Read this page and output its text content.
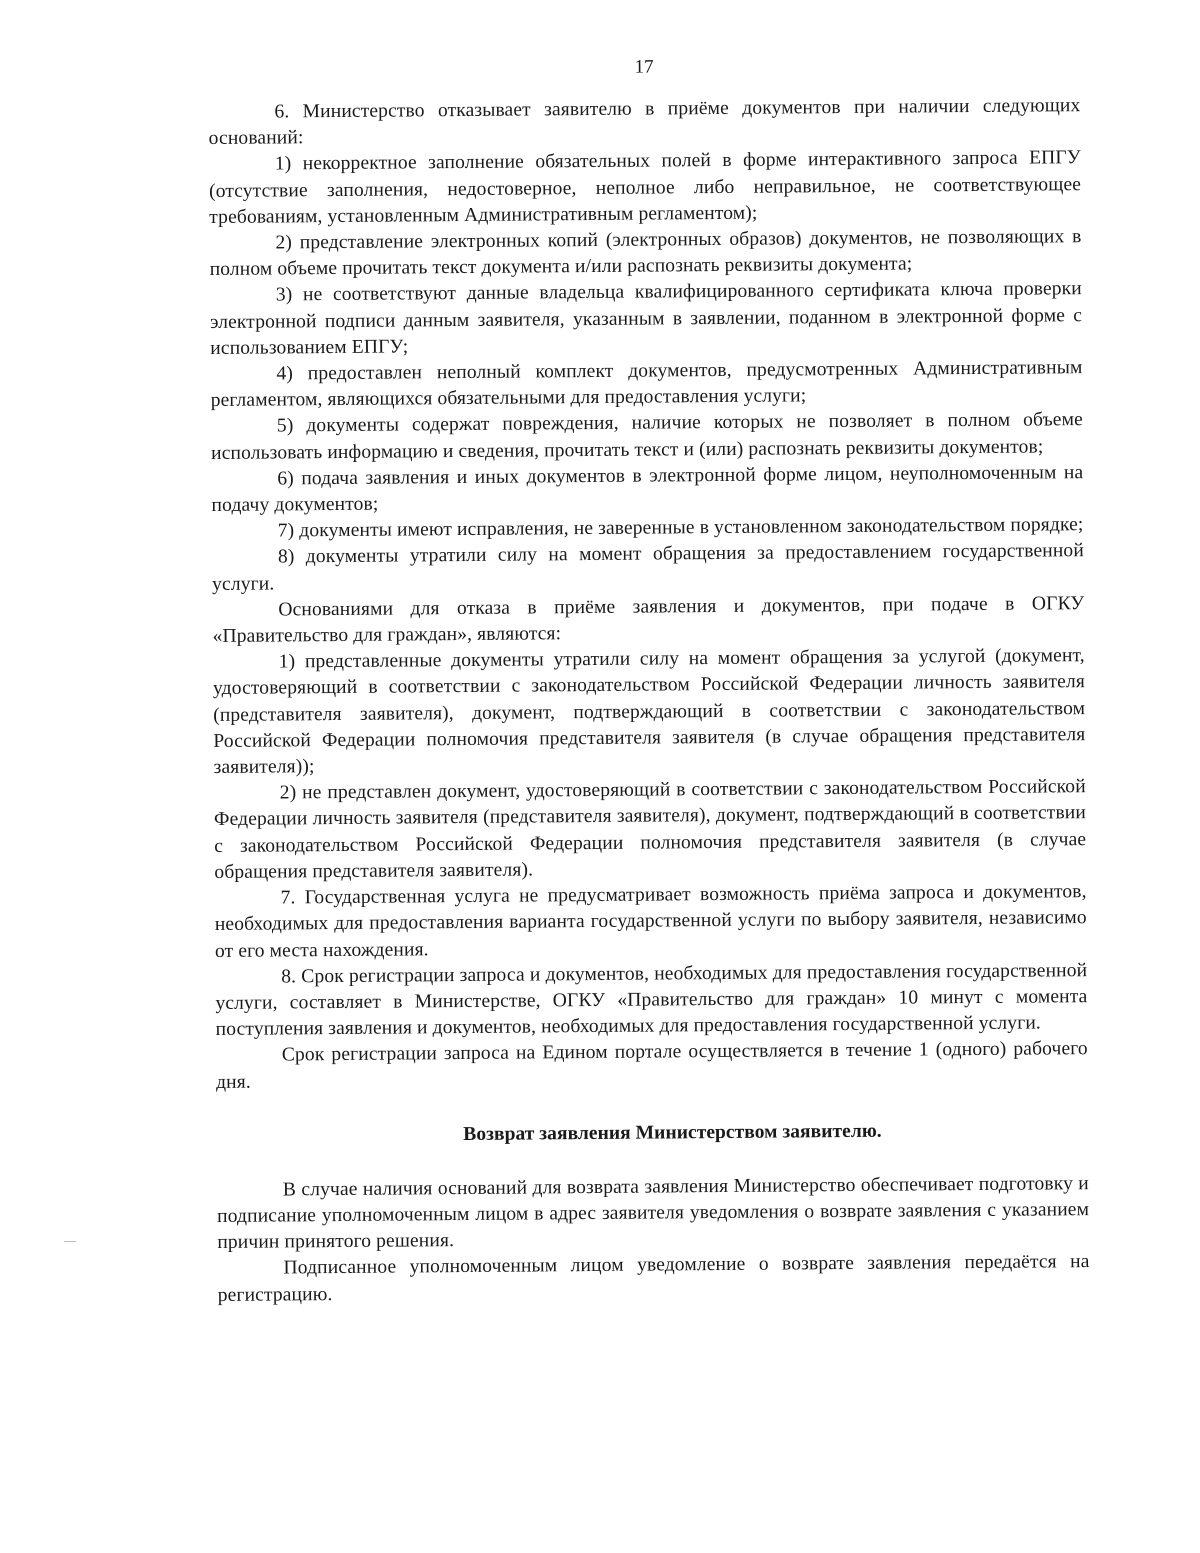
17

6. Министерство отказывает заявителю в приёме документов при наличии следующих оснований:

1) некорректное заполнение обязательных полей в форме интерактивного запроса ЕПГУ (отсутствие заполнения, недостоверное, неполное либо неправильное, не соответствующее требованиям, установленным Административным регламентом);

2) представление электронных копий (электронных образов) документов, не позволяющих в полном объеме прочитать текст документа и/или распознать реквизиты документа;

3) не соответствуют данные владельца квалифицированного сертификата ключа проверки электронной подписи данным заявителя, указанным в заявлении, поданном в электронной форме с использованием ЕПГУ;

4) предоставлен неполный комплект документов, предусмотренных Административным регламентом, являющихся обязательными для предоставления услуги;

5) документы содержат повреждения, наличие которых не позволяет в полном объеме использовать информацию и сведения, прочитать текст и (или) распознать реквизиты документов;

6) подача заявления и иных документов в электронной форме лицом, неуполномоченным на подачу документов;

7) документы имеют исправления, не заверенные в установленном законодательством порядке;

8) документы утратили силу на момент обращения за предоставлением государственной услуги.

Основаниями для отказа в приёме заявления и документов, при подаче в ОГКУ «Правительство для граждан», являются:

1) представленные документы утратили силу на момент обращения за услугой (документ, удостоверяющий в соответствии с законодательством Российской Федерации личность заявителя (представителя заявителя), документ, подтверждающий в соответствии с законодательством Российской Федерации полномочия представителя заявителя (в случае обращения представителя заявителя));

2) не представлен документ, удостоверяющий в соответствии с законодательством Российской Федерации личность заявителя (представителя заявителя), документ, подтверждающий в соответствии с законодательством Российской Федерации полномочия представителя заявителя (в случае обращения представителя заявителя).

7. Государственная услуга не предусматривает возможность приёма запроса и документов, необходимых для предоставления варианта государственной услуги по выбору заявителя, независимо от его места нахождения.

8. Срок регистрации запроса и документов, необходимых для предоставления государственной услуги, составляет в Министерстве, ОГКУ «Правительство для граждан» 10 минут с момента поступления заявления и документов, необходимых для предоставления государственной услуги.

Срок регистрации запроса на Едином портале осуществляется в течение 1 (одного) рабочего дня.

Возврат заявления Министерством заявителю.

В случае наличия оснований для возврата заявления Министерство обеспечивает подготовку и подписание уполномоченным лицом в адрес заявителя уведомления о возврате заявления с указанием причин принятого решения.

Подписанное уполномоченным лицом уведомление о возврате заявления передаётся на регистрацию.
